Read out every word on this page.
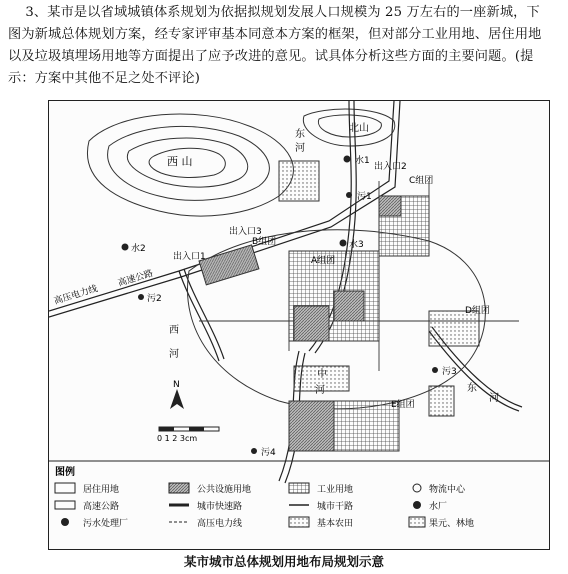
3、某市是以省域城镇体系规划为依据拟规划发展人口规模为 25 万左右的一座新城，下

图为新城总体规划方案，经专家评审基本同意本方案的框架，但对部分工业用地、居住用地

以及垃圾填埋场用地等方面提出了应予改进的意见。试具体分析这些方面的主要问题。(提

示：方案中其他不足之处不评论)

西 山
北山
东
河
西
河
东
河
高压电力线
高速公路
A组团
B组团
C组团
D组团
E组团
出入口1
出入口2
出入口3
水1
水2	水3
污1
污2
污3
污4
N
0 1 2 3cm
图例
居住用地	公共设施用地	工业用地	物流中心
高速公路	城市快速路	城市干路	水厂
污水处理厂	高压电力线	基本农田	果元、林地
某市城市总体规划用地布局规划示意
